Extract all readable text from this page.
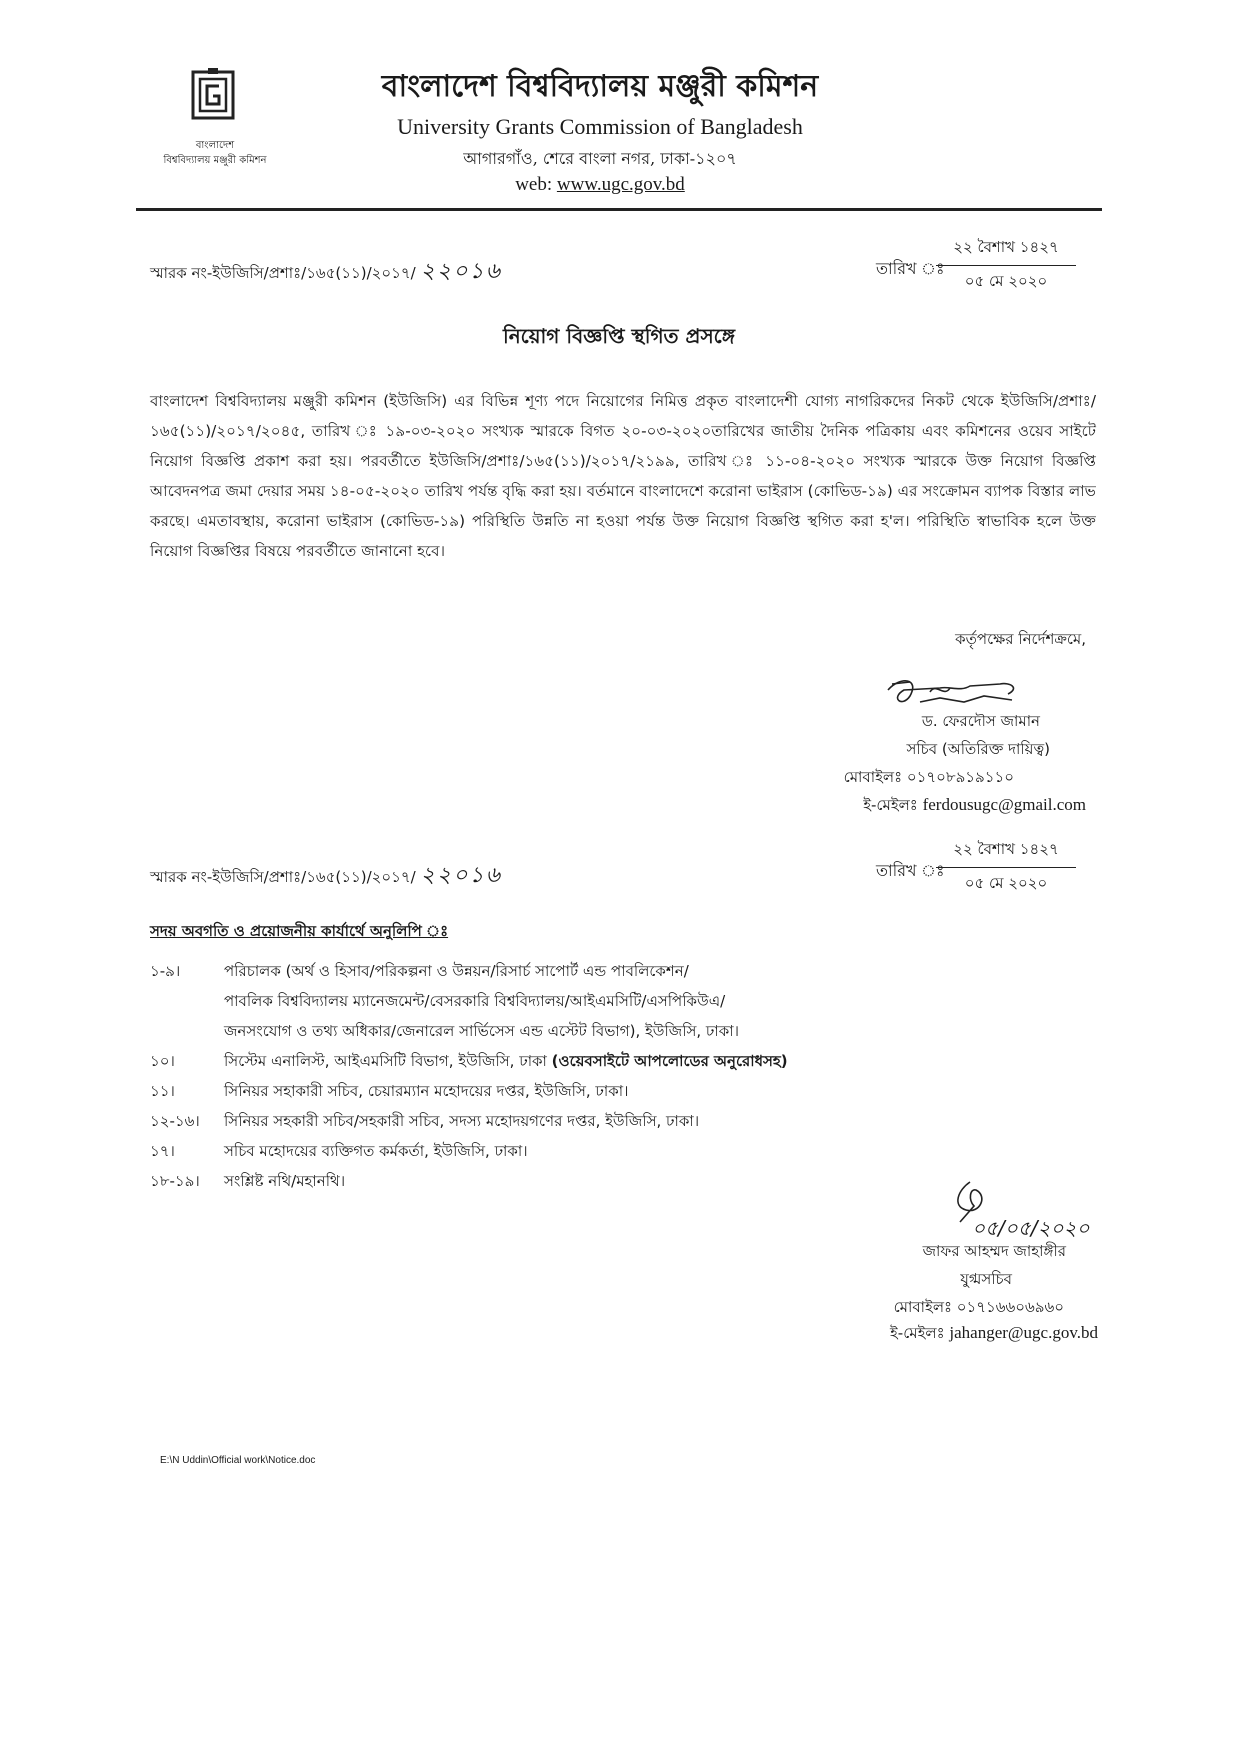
বাংলাদেশ
বিশ্ববিদ্যালয় মঞ্জুরী কমিশন
বাংলাদেশ বিশ্ববিদ্যালয় মঞ্জুরী কমিশন
University Grants Commission of Bangladesh
আগারগাঁও, শেরে বাংলা নগর, ঢাকা-১২০৭
web: www.ugc.gov.bd
স্মারক নং-ইউজিসি/প্রশাঃ/১৬৫(১১)/২০১৭/ ২২০১৬	তারিখ ঃ
২২ বৈশাখ ১৪২৭
০৫ মে ২০২০
নিয়োগ বিজ্ঞপ্তি স্থগিত প্রসঙ্গে
বাংলাদেশ বিশ্ববিদ্যালয় মঞ্জুরী কমিশন (ইউজিসি) এর বিভিন্ন শূণ্য পদে নিয়োগের নিমিত্ত প্রকৃত বাংলাদেশী যোগ্য নাগরিকদের নিকট থেকে ইউজিসি/প্রশাঃ/১৬৫(১১)/২০১৭/২০৪৫, তারিখ ঃ ১৯-০৩-২০২০ সংখ্যক স্মারকে বিগত ২০-০৩-২০২০তারিখের জাতীয় দৈনিক পত্রিকায় এবং কমিশনের ওয়েব সাইটে নিয়োগ বিজ্ঞপ্তি প্রকাশ করা হয়। পরবর্তীতে ইউজিসি/প্রশাঃ/১৬৫(১১)/২০১৭/২১৯৯, তারিখ ঃ ১১-০৪-২০২০ সংখ্যক স্মারকে উক্ত নিয়োগ বিজ্ঞপ্তি আবেদনপত্র জমা দেয়ার সময় ১৪-০৫-২০২০ তারিখ পর্যন্ত বৃদ্ধি করা হয়। বর্তমানে বাংলাদেশে করোনা ভাইরাস (কোভিড-১৯) এর সংক্রোমন ব্যাপক বিস্তার লাভ করছে। এমতাবস্থায়, করোনা ভাইরাস (কোভিড-১৯) পরিস্থিতি উন্নতি না হওয়া পর্যন্ত উক্ত নিয়োগ বিজ্ঞপ্তি স্থগিত করা হ'ল। পরিস্থিতি স্বাভাবিক হলে উক্ত নিয়োগ বিজ্ঞপ্তির বিষয়ে পরবর্তীতে জানানো হবে।
কর্তৃপক্ষের নির্দেশক্রমে,
ড. ফেরদৌস জামান
সচিব (অতিরিক্ত দায়িত্ব)
মোবাইলঃ ০১৭০৮৯১৯১১০
ই-মেইলঃ ferdousugc@gmail.com
স্মারক নং-ইউজিসি/প্রশাঃ/১৬৫(১১)/২০১৭/ ২২০১৬	তারিখ ঃ
২২ বৈশাখ ১৪২৭
০৫ মে ২০২০
সদয় অবগতি ও প্রয়োজনীয় কার্যার্থে অনুলিপি ঃ
১-৯।	পরিচালক (অর্থ ও হিসাব/পরিকল্পনা ও উন্নয়ন/রিসার্চ সাপোর্ট এন্ড পাবলিকেশন/
পাবলিক বিশ্ববিদ্যালয় ম্যানেজমেন্ট/বেসরকারি বিশ্ববিদ্যালয়/আইএমসিটি/এসপিকিউএ/
জনসংযোগ ও তথ্য অধিকার/জেনারেল সার্ভিসেস এন্ড এস্টেট বিভাগ), ইউজিসি, ঢাকা।
১০।	সিস্টেম এনালিস্ট, আইএমসিটি বিভাগ, ইউজিসি, ঢাকা (ওয়েবসাইটে আপলোডের অনুরোধসহ)
১১।	সিনিয়র সহাকারী সচিব, চেয়ারম্যান মহোদয়ের দপ্তর, ইউজিসি, ঢাকা।
১২-১৬।	সিনিয়র সহকারী সচিব/সহকারী সচিব, সদস্য মহোদয়গণের দপ্তর, ইউজিসি, ঢাকা।
১৭।	সচিব মহোদয়ের ব্যক্তিগত কর্মকর্তা, ইউজিসি, ঢাকা।
১৮-১৯।	সংশ্লিষ্ট নথি/মহানথি।
০৫/০৫/২০২০
জাফর আহম্মদ জাহাঙ্গীর
যুগ্মসচিব
মোবাইলঃ ০১৭১৬৬০৬৯৬০
ই-মেইলঃ jahanger@ugc.gov.bd
E:\N Uddin\Official work\Notice.doc
